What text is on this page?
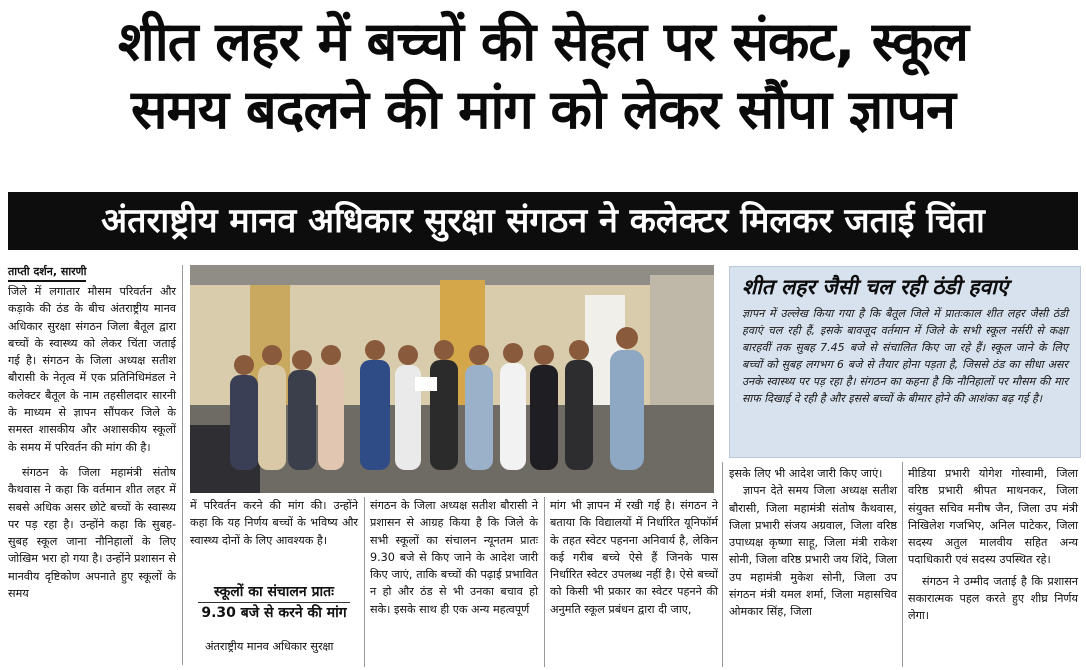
शीत लहर में बच्चों की सेहत पर संकट, स्कूल
समय बदलने की मांग को लेकर सौंपा ज्ञापन
अंतराष्ट्रीय मानव अधिकार सुरक्षा संगठन ने कलेक्टर मिलकर जताई चिंता
ताप्ती दर्शन, सारणी
जिले में लगातार मौसम परिवर्तन और कड़ाके की ठंड के बीच अंतराष्ट्रीय मानव अधिकार सुरक्षा संगठन जिला बैतूल द्वारा बच्चों के स्वास्थ्य को लेकर चिंता जताई गई है। संगठन के जिला अध्यक्ष सतीश बौरासी के नेतृत्व में एक प्रतिनिधिमंडल ने कलेक्टर बैतूल के नाम तहसीलदार सारनी के माध्यम से ज्ञापन सौंपकर जिले के समस्त शासकीय और अशासकीय स्कूलों के समय में परिवर्तन की मांग की है।
संगठन के जिला महामंत्री संतोष कैथवास ने कहा कि वर्तमान शीत लहर में सबसे अधिक असर छोटे बच्चों के स्वास्थ्य पर पड़ रहा है। उन्होंने कहा कि सुबह-सुबह स्कूल जाना नौनिहालों के लिए जोखिम भरा हो गया है। उन्होंने प्रशासन से मानवीय दृष्टिकोण अपनाते हुए स्कूलों के समय
शीत लहर जैसी चल रही ठंडी हवाएं
ज्ञापन में उल्लेख किया गया है कि बैतूल जिले में प्रातःकाल शीत लहर जैसी ठंडी हवाएं चल रही हैं, इसके बावजूद वर्तमान में जिले के सभी स्कूल नर्सरी से कक्षा बारहवीं तक सुबह 7.45 बजे से संचालित किए जा रहे हैं। स्कूल जाने के लिए बच्चों को सुबह लगभग 6 बजे से तैयार होना पड़ता है, जिससे ठंड का सीधा असर उनके स्वास्थ्य पर पड़ रहा है। संगठन का कहना है कि नौनिहालों पर मौसम की मार साफ दिखाई दे रही है और इससे बच्चों के बीमार होने की आशंका बढ़ गई है।
में परिवर्तन करने की मांग की। उन्होंने कहा कि यह निर्णय बच्चों के भविष्य और स्वास्थ्य दोनों के लिए आवश्यक है।
स्कूलों का संचालन प्रातः
9.30 बजे से करने की मांग
अंतराष्ट्रीय मानव अधिकार सुरक्षा
संगठन के जिला अध्यक्ष सतीश बौरासी ने प्रशासन से आग्रह किया है कि जिले के सभी स्कूलों का संचालन न्यूनतम प्रातः 9.30 बजे से किए जाने के आदेश जारी किए जाएं, ताकि बच्चों की पढ़ाई प्रभावित न हो और ठंड से भी उनका बचाव हो सके। इसके साथ ही एक अन्य महत्वपूर्ण
मांग भी ज्ञापन में रखी गई है। संगठन ने बताया कि विद्यालयों में निर्धारित यूनिफॉर्म के तहत स्वेटर पहनना अनिवार्य है, लेकिन कई गरीब बच्चे ऐसे हैं जिनके पास निर्धारित स्वेटर उपलब्ध नहीं है। ऐसे बच्चों को किसी भी प्रकार का स्वेटर पहनने की अनुमति स्कूल प्रबंधन द्वारा दी जाए,
इसके लिए भी आदेश जारी किए जाएं।
ज्ञापन देते समय जिला अध्यक्ष सतीश बौरासी, जिला महामंत्री संतोष कैथवास, जिला प्रभारी संजय अग्रवाल, जिला वरिष्ठ उपाध्यक्ष कृष्णा साहू, जिला मंत्री राकेश सोनी, जिला वरिष्ठ प्रभारी जय शिंदे, जिला उप महामंत्री मुकेश सोनी, जिला उप संगठन मंत्री यमल शर्मा, जिला महासचिव ओमकार सिंह, जिला
मीडिया प्रभारी योगेश गोस्वामी, जिला वरिष्ठ प्रभारी श्रीपत माथनकर, जिला संयुक्त सचिव मनीष जैन, जिला उप मंत्री निखिलेश गजभिए, अनिल पाटेकर, जिला सदस्य अतुल मालवीय सहित अन्य पदाधिकारी एवं सदस्य उपस्थित रहे।
संगठन ने उम्मीद जताई है कि प्रशासन सकारात्मक पहल करते हुए शीघ्र निर्णय लेगा।
